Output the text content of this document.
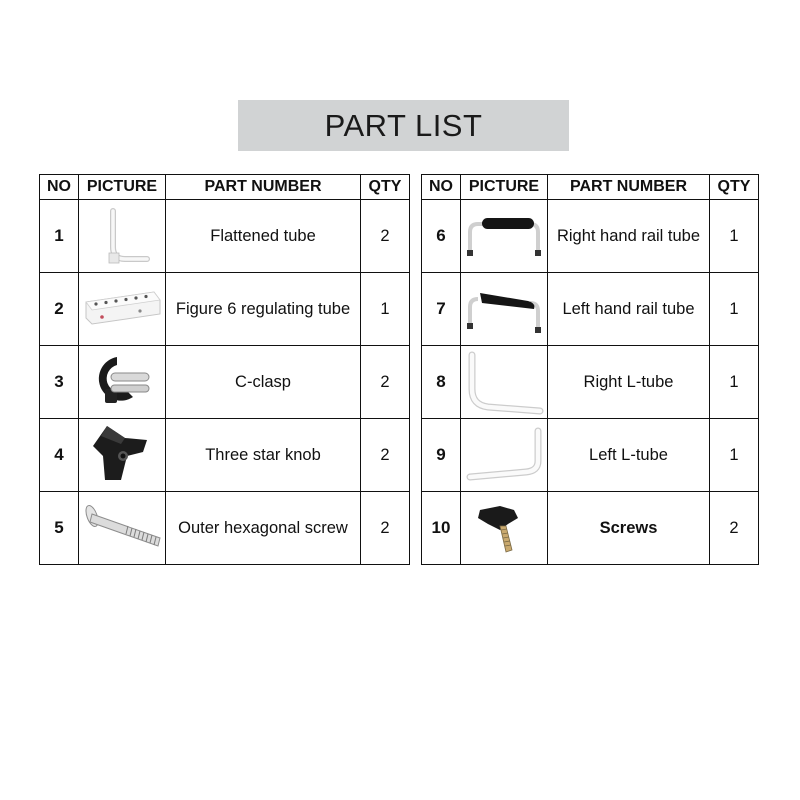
PART LIST
NO	PICTURE	PART NUMBER	QTY
1		Flattened tube	2
2		Figure 6 regulating tube	1
3		C-clasp	2
4		Three star knob	2
5		Outer hexagonal screw	2
NO	PICTURE	PART NUMBER	QTY
6		Right hand rail tube	1
7		Left hand rail tube	1
8		Right L-tube	1
9		Left L-tube	1
10		Screws	2
